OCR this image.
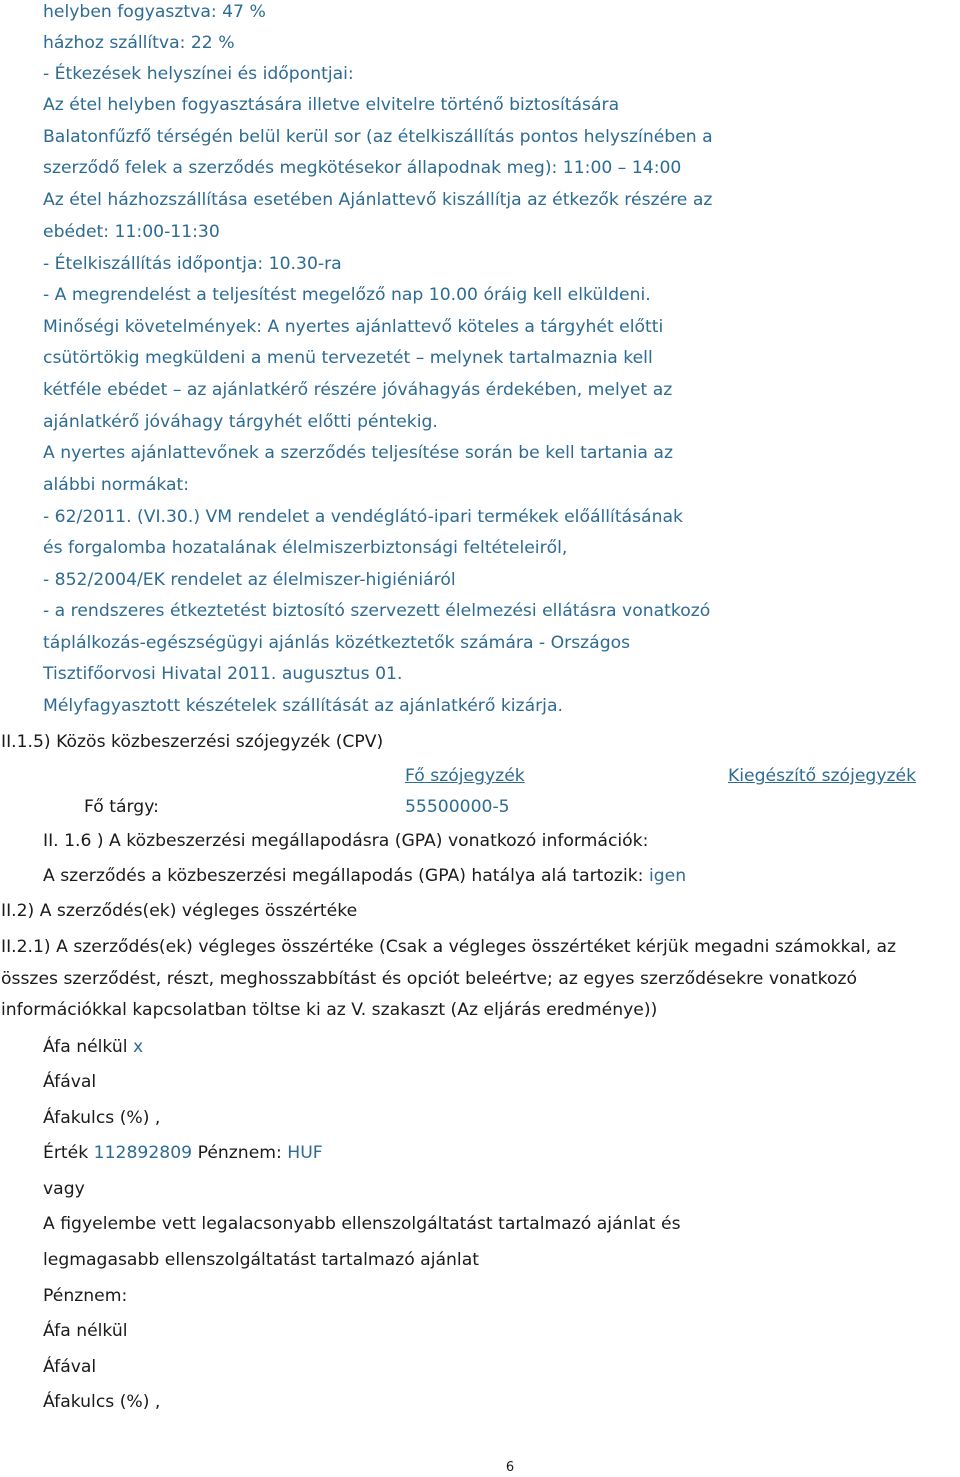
helyben fogyasztva: 47 %
házhoz szállítva: 22 %
- Étkezések helyszínei és időpontjai:
Az étel helyben fogyasztására illetve elvitelre történő biztosítására
Balatonfűzfő térségén belül kerül sor (az ételkiszállítás pontos helyszínében a
szerződő felek a szerződés megkötésekor állapodnak meg): 11:00 – 14:00
Az étel házhozszállítása esetében Ajánlattevő kiszállítja az étkezők részére az
ebédet: 11:00-11:30
- Ételkiszállítás időpontja: 10.30-ra
- A megrendelést a teljesítést megelőző nap 10.00 óráig kell elküldeni.
Minőségi követelmények: A nyertes ajánlattevő köteles a tárgyhét előtti
csütörtökig megküldeni a menü tervezetét – melynek tartalmaznia kell
kétféle ebédet – az ajánlatkérő részére jóváhagyás érdekében, melyet az
ajánlatkérő jóváhagy tárgyhét előtti péntekig.
A nyertes ajánlattevőnek a szerződés teljesítése során be kell tartania az
alábbi normákat:
- 62/2011. (VI.30.) VM rendelet a vendéglátó-ipari termékek előállításának
és forgalomba hozatalának élelmiszerbiztonsági feltételeiről,
- 852/2004/EK rendelet az élelmiszer-higiéniáról
- a rendszeres étkeztetést biztosító szervezett élelmezési ellátásra vonatkozó
táplálkozás-egészségügyi ajánlás közétkeztetők számára - Országos
Tisztifőorvosi Hivatal 2011. augusztus 01.
Mélyfagyasztott készételek szállítását az ajánlatkérő kizárja.
II.1.5) Közös közbeszerzési szójegyzék (CPV)
Fő szójegyzék	Kiegészítő szójegyzék
Fő tárgy:	55500000-5
II. 1.6 ) A közbeszerzési megállapodásra (GPA) vonatkozó információk:
A szerződés a közbeszerzési megállapodás (GPA) hatálya alá tartozik: igen
II.2) A szerződés(ek) végleges összértéke
II.2.1) A szerződés(ek) végleges összértéke (Csak a végleges összértéket kérjük megadni számokkal, az
összes szerződést, részt, meghosszabbítást és opciót beleértve; az egyes szerződésekre vonatkozó
információkkal kapcsolatban töltse ki az V. szakaszt (Az eljárás eredménye))
Áfa nélkül x
Áfával
Áfakulcs (%) ,
Érték 112892809 Pénznem: HUF
vagy
A figyelembe vett legalacsonyabb ellenszolgáltatást tartalmazó ajánlat és
legmagasabb ellenszolgáltatást tartalmazó ajánlat
Pénznem:
Áfa nélkül
Áfával
Áfakulcs (%) ,
6
